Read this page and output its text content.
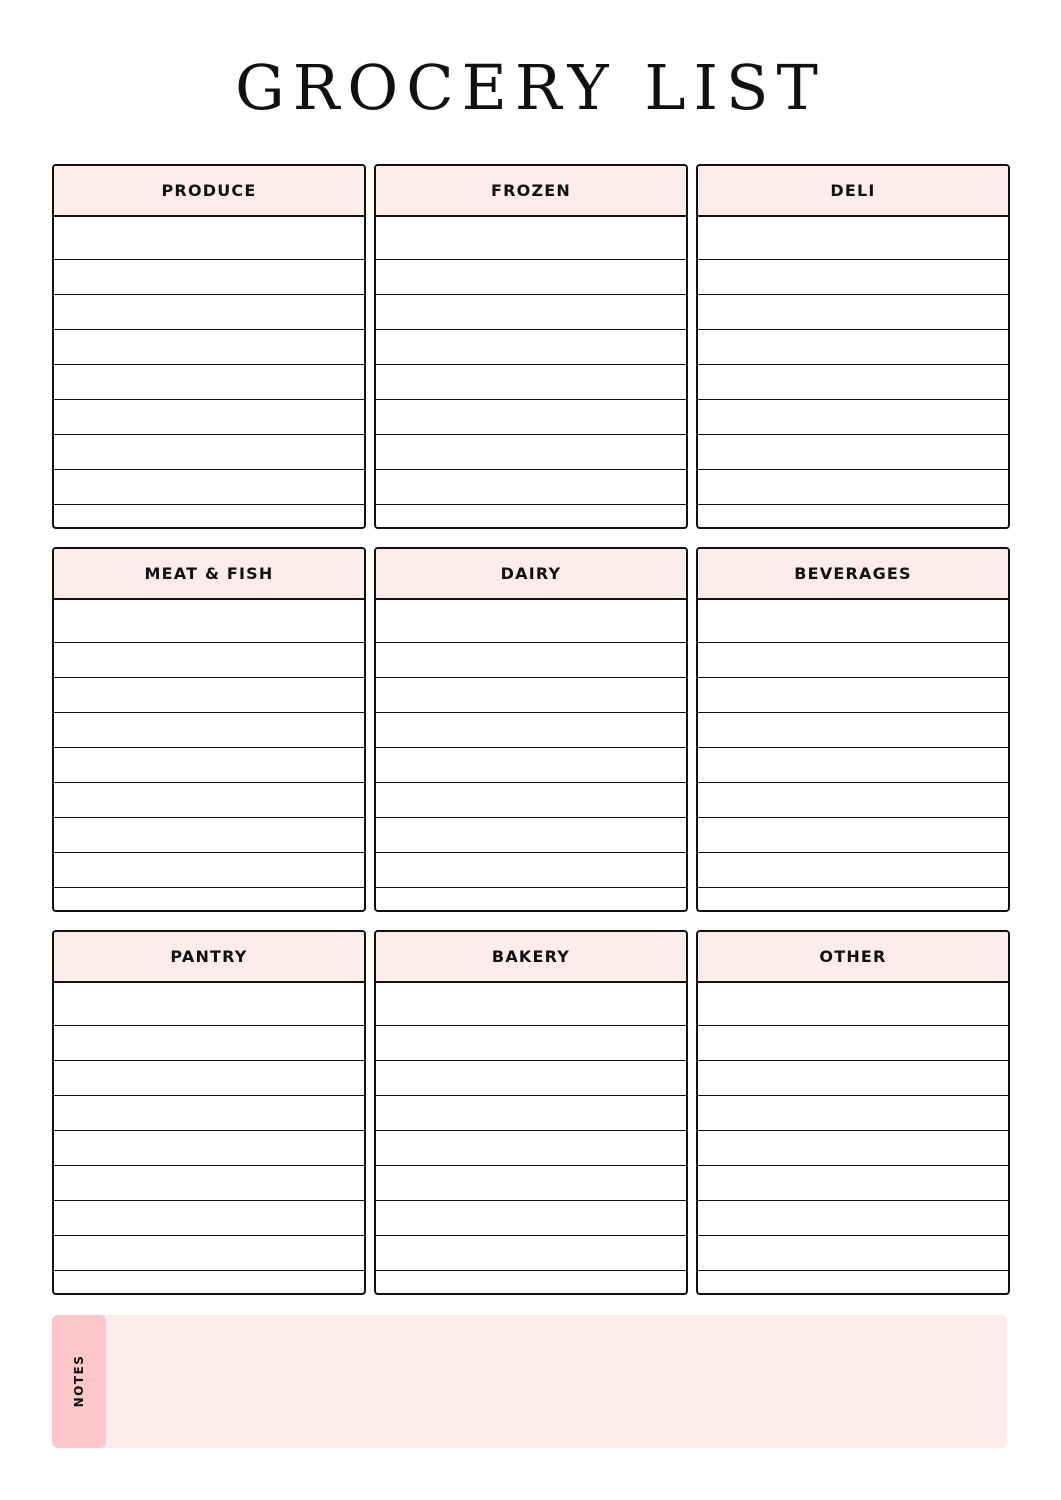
GROCERY LIST
PRODUCE	FROZEN	DELI
MEAT & FISH	DAIRY	BEVERAGES
PANTRY	BAKERY	OTHER
NOTES
